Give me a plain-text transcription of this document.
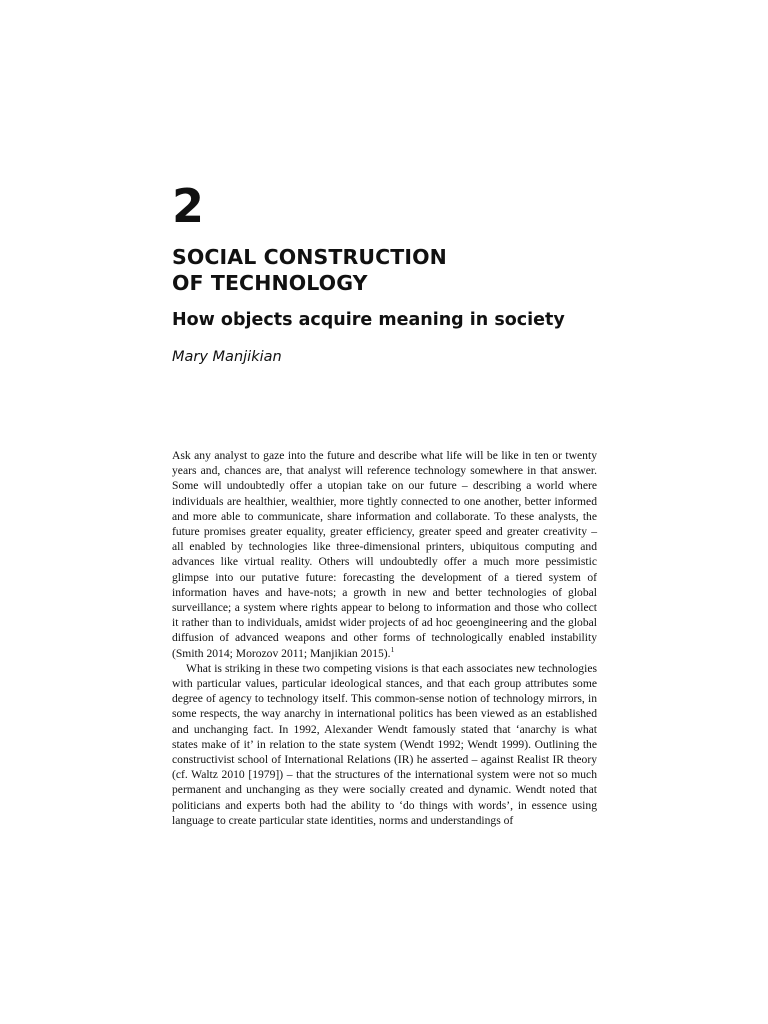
2
SOCIAL CONSTRUCTION
OF TECHNOLOGY
How objects acquire meaning in society
Mary Manjikian

Ask any analyst to gaze into the future and describe what life will be like in ten or twenty years and, chances are, that analyst will reference technology somewhere in that answer. Some will undoubtedly offer a utopian take on our future – describing a world where individuals are healthier, wealthier, more tightly connected to one another, better informed and more able to communicate, share information and collaborate. To these analysts, the future promises greater equality, greater efficiency, greater speed and greater creativity – all enabled by technologies like three-dimensional printers, ubiquitous computing and advances like virtual reality. Others will undoubtedly offer a much more pessimistic glimpse into our putative future: forecasting the development of a tiered system of information haves and have-nots; a growth in new and better technologies of global surveillance; a system where rights appear to belong to information and those who collect it rather than to individuals, amidst wider projects of ad hoc geoengineering and the global diffusion of advanced weapons and other forms of technologically enabled instability (Smith 2014; Morozov 2011; Manjikian 2015).$^1$

What is striking in these two competing visions is that each associates new technologies with particular values, particular ideological stances, and that each group attributes some degree of agency to technology itself. This common-sense notion of technology mirrors, in some respects, the way anarchy in international politics has been viewed as an established and unchanging fact. In 1992, Alexander Wendt famously stated that ‘anarchy is what states make of it’ in relation to the state system (Wendt 1992; Wendt 1999). Outlining the constructivist school of International Relations (IR) he asserted – against Realist IR theory (cf. Waltz 2010 [1979]) – that the structures of the international system were not so much permanent and unchanging as they were socially created and dynamic. Wendt noted that politicians and experts both had the ability to ‘do things with words’, in essence using language to create particular state identities, norms and understandings of
